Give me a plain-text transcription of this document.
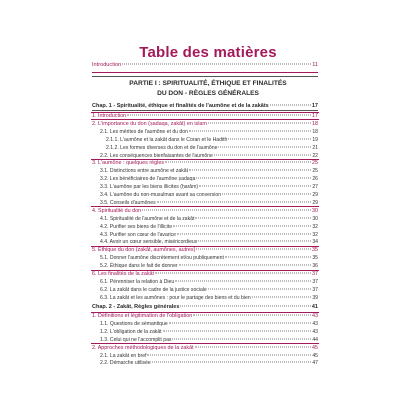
Table des matières
Introduction	11
PARTIE I : SPIRITUALITÉ, ÉTHIQUE ET FINALITÉS
DU DON - RÈGLES GÉNÉRALES
Chap. 1 - Spiritualité, éthique et finalités de l'aumône et de la zakâts	17
1. Introduction	17
2. L'importance du don (ṣadaqa, zakât) en islam	18
2.1. Les mérites de l'aumône et du don	18
2.1.1. L'aumône et la zakât dans le Coran et le Hadith	19
2.1.2. Les formes diverses du don et de l'aumône	21
2.2. Les conséquences bienfaisantes de l'aumône	22
3. L'aumône : quelques règles	25
3.1. Distinctions entre aumône et zakât	25
3.2. Les bénéficiaires de l'aumône ṣadaqa	26
3.3. L'aumône par les biens illicites (ḥarâm)	27
3.4. L'aumône du non-musulman avant sa conversion	29
3.5. Conseils d'aumônes	29
4. Spiritualité du don	30
4.1. Spiritualité de l'aumône et de la zakât	30
4.2. Purifier ses biens de l'illicite	32
4.3. Purifier son cœur de l'avarice	32
4.4. Avoir un cœur sensible, miséricordieux	34
5. Éthique du don (zakât, aumônes, autres)	35
5.1. Donner l'aumône discrètement et/ou publiquement	35
5.2. Éthique dans le fait de donner	36
6. Les finalités de la zakât	37
6.1. Pérenniser la relation à Dieu	37
6.2. La zakât dans le cadre de la justice sociale	37
6.3. La zakât et les aumônes : pour le partage des biens et du bien	39
Chap. 2 - Zakât, Règles générales	41
1. Définitions et légitimation de l'obligation	43
1.1. Questions de sémantique	43
1.2. L'obligation de la zakât	43
1.3. Celui qui ne l'accomplit pas	44
2. Approches méthodologiques de la zakât	45
2.1. La zakât en bref	45
2.2. Démarche utilisée	47
